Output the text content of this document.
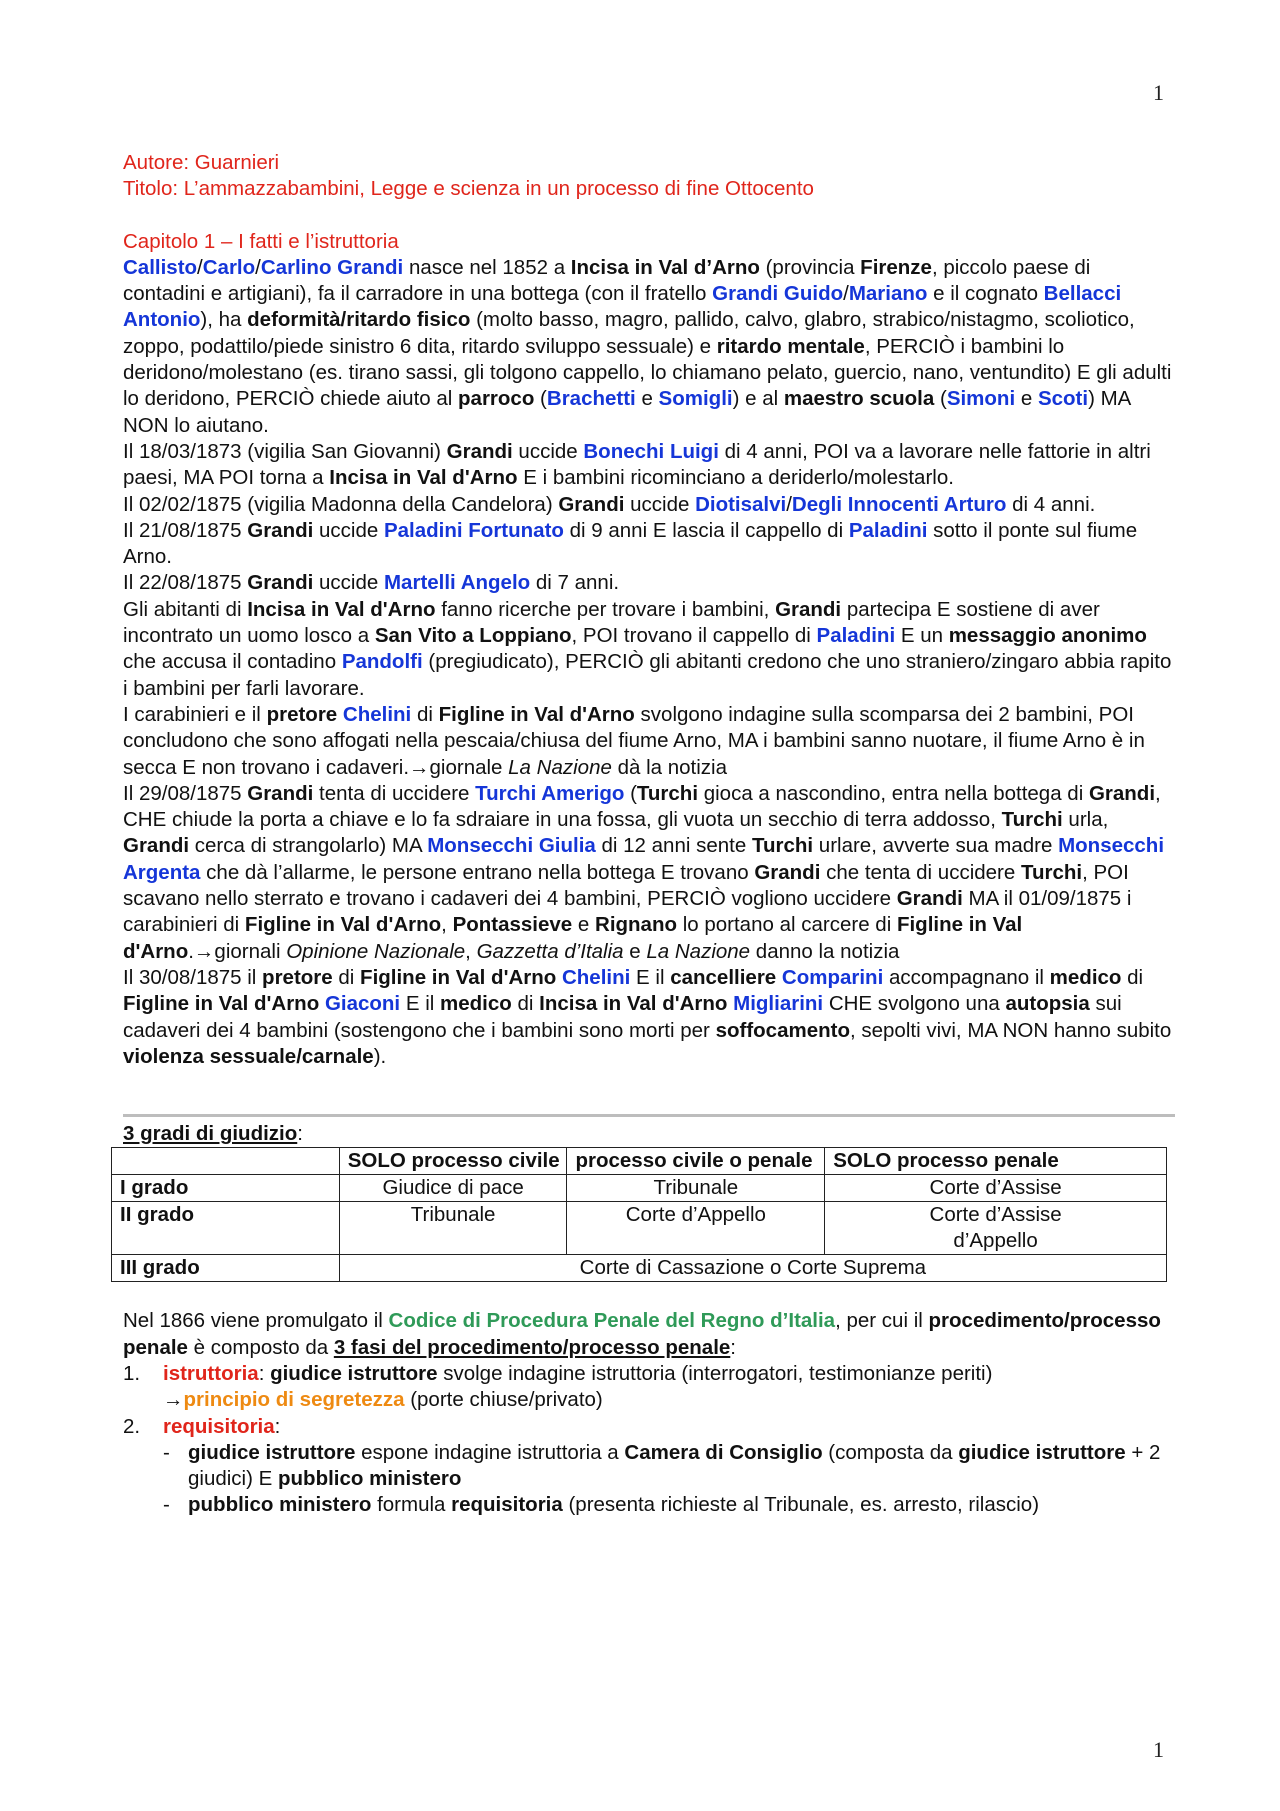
1

Autore: Guarnieri

Titolo: L’ammazzabambini, Legge e scienza in un processo di fine Ottocento

Capitolo 1 – I fatti e l’istruttoria

Callisto/Carlo/Carlino Grandi nasce nel 1852 a Incisa in Val d’Arno (provincia Firenze, piccolo paese di contadini e artigiani), fa il carradore in una bottega (con il fratello Grandi Guido/Mariano e il cognato Bellacci Antonio), ha deformità/ritardo fisico (molto basso, magro, pallido, calvo, glabro, strabico/nistagmo, scoliotico, zoppo, podattilo/piede sinistro 6 dita, ritardo sviluppo sessuale) e ritardo mentale, PERCIÒ i bambini lo deridono/molestano (es. tirano sassi, gli tolgono cappello, lo chiamano pelato, guercio, nano, ventundito) E gli adulti lo deridono, PERCIÒ chiede aiuto al parroco (Brachetti e Somigli) e al maestro scuola (Simoni e Scoti) MA NON lo aiutano.

Il 18/03/1873 (vigilia San Giovanni) Grandi uccide Bonechi Luigi di 4 anni, POI va a lavorare nelle fattorie in altri paesi, MA POI torna a Incisa in Val d'Arno E i bambini ricominciano a deriderlo/molestarlo.

Il 02/02/1875 (vigilia Madonna della Candelora) Grandi uccide Diotisalvi/Degli Innocenti Arturo di 4 anni.

Il 21/08/1875 Grandi uccide Paladini Fortunato di 9 anni E lascia il cappello di Paladini sotto il ponte sul fiume Arno.

Il 22/08/1875 Grandi uccide Martelli Angelo di 7 anni.

Gli abitanti di Incisa in Val d'Arno fanno ricerche per trovare i bambini, Grandi partecipa E sostiene di aver incontrato un uomo losco a San Vito a Loppiano, POI trovano il cappello di Paladini E un messaggio anonimo che accusa il contadino Pandolfi (pregiudicato), PERCIÒ gli abitanti credono che uno straniero/zingaro abbia rapito i bambini per farli lavorare.

I carabinieri e il pretore Chelini di Figline in Val d'Arno svolgono indagine sulla scomparsa dei 2 bambini, POI concludono che sono affogati nella pescaia/chiusa del fiume Arno, MA i bambini sanno nuotare, il fiume Arno è in secca E non trovano i cadaveri.→giornale La Nazione dà la notizia

Il 29/08/1875 Grandi tenta di uccidere Turchi Amerigo (Turchi gioca a nascondino, entra nella bottega di Grandi, CHE chiude la porta a chiave e lo fa sdraiare in una fossa, gli vuota un secchio di terra addosso, Turchi urla, Grandi cerca di strangolarlo) MA Monsecchi Giulia di 12 anni sente Turchi urlare, avverte sua madre Monsecchi Argenta che dà l’allarme, le persone entrano nella bottega E trovano Grandi che tenta di uccidere Turchi, POI scavano nello sterrato e trovano i cadaveri dei 4 bambini, PERCIÒ vogliono uccidere Grandi MA il 01/09/1875 i carabinieri di Figline in Val d'Arno, Pontassieve e Rignano lo portano al carcere di Figline in Val d'Arno.→giornali Opinione Nazionale, Gazzetta d’Italia e La Nazione danno la notizia

Il 30/08/1875 il pretore di Figline in Val d'Arno Chelini E il cancelliere Comparini accompagnano il medico di Figline in Val d'Arno Giaconi E il medico di Incisa in Val d'Arno Migliarini CHE svolgono una autopsia sui cadaveri dei 4 bambini (sostengono che i bambini sono morti per soffocamento, sepolti vivi, MA NON hanno subito violenza sessuale/carnale).

3 gradi di giudizio:

	SOLO processo civile	processo civile o penale	SOLO processo penale
I grado	Giudice di pace	Tribunale	Corte d’Assise
II grado	Tribunale	Corte d’Appello	Corte d’Assise d’Appello
III grado	Corte di Cassazione o Corte Suprema		

Nel 1866 viene promulgato il Codice di Procedura Penale del Regno d’Italia, per cui il procedimento/processo penale è composto da 3 fasi del procedimento/processo penale:

1. istruttoria: giudice istruttore svolge indagine istruttoria (interrogatori, testimonianze periti)
→principio di segretezza (porte chiuse/privato)
2. requisitoria:
- giudice istruttore espone indagine istruttoria a Camera di Consiglio (composta da giudice istruttore + 2 giudici) E pubblico ministero
- pubblico ministero formula requisitoria (presenta richieste al Tribunale, es. arresto, rilascio)
1
